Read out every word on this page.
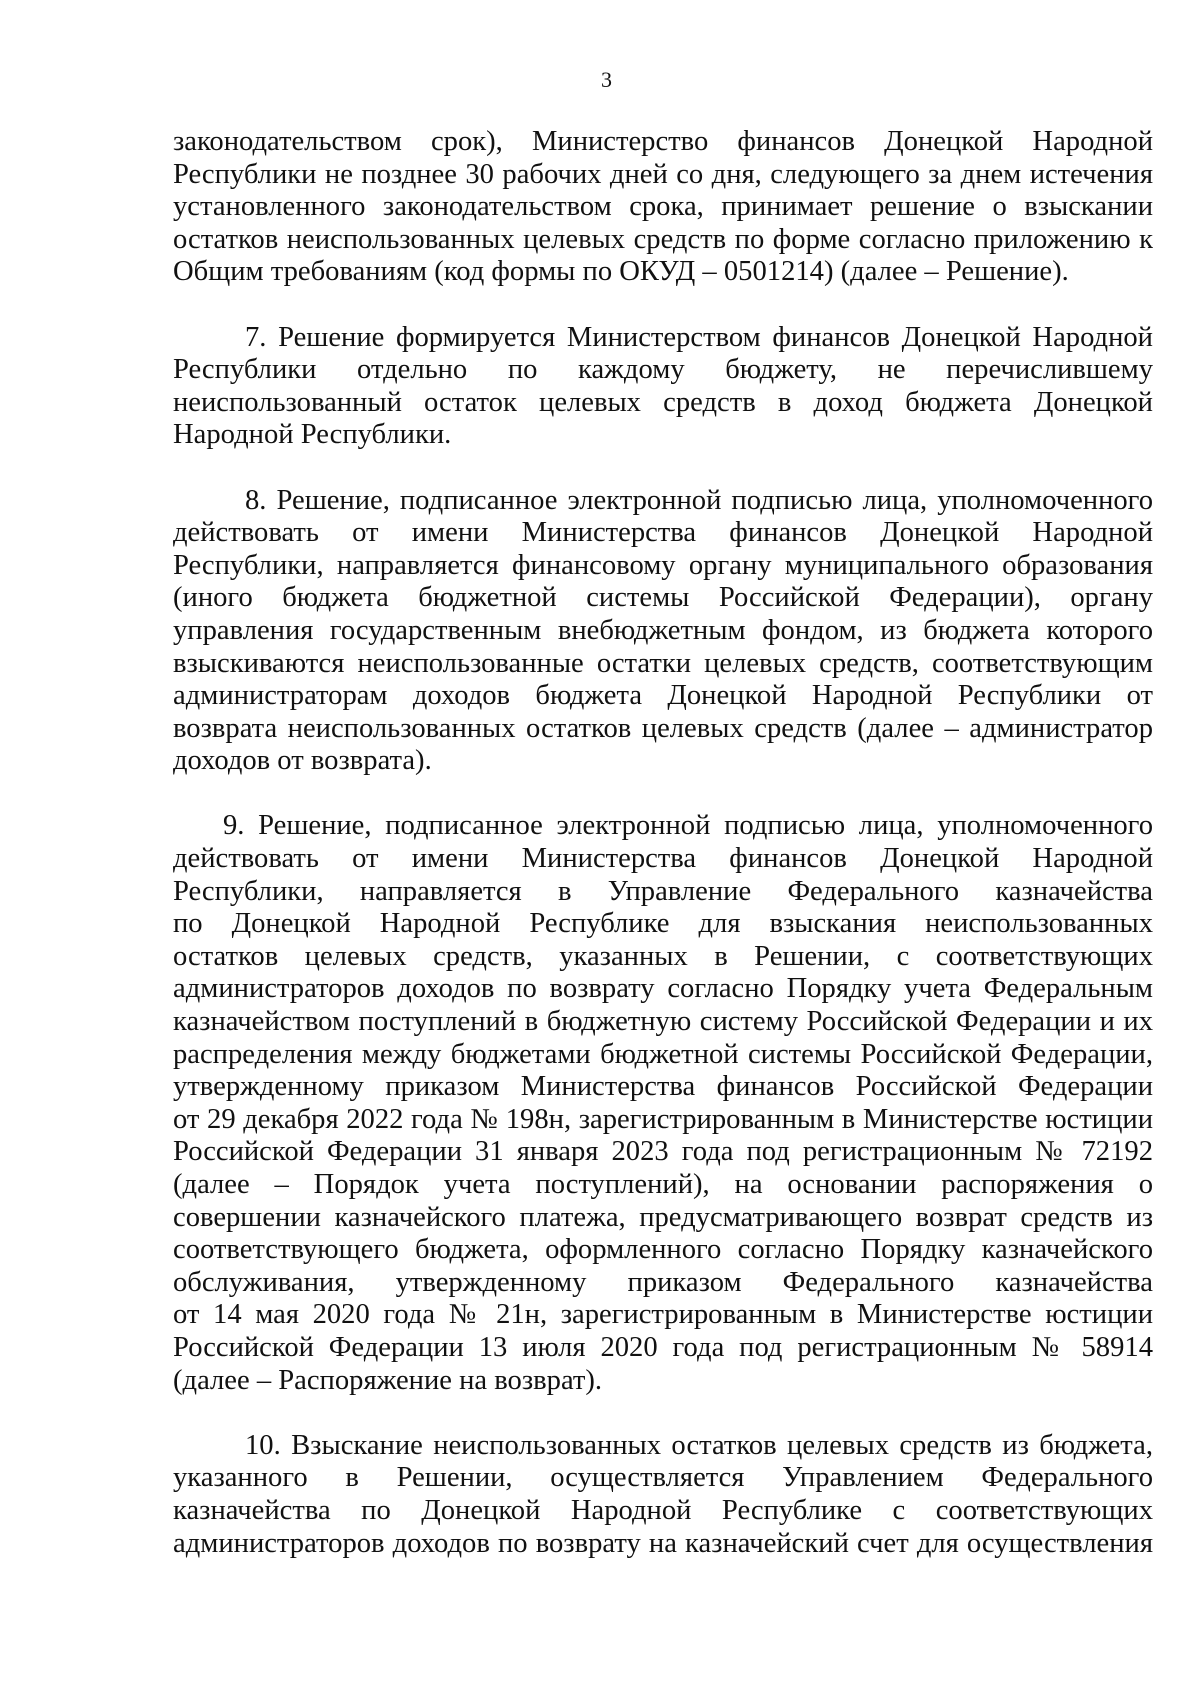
3
законодательством срок), Министерство финансов Донецкой Народной
Республики не позднее 30 рабочих дней со дня, следующего за днем истечения
установленного законодательством срока, принимает решение о взыскании
остатков неиспользованных целевых средств по форме согласно приложению к
Общим требованиям (код формы по ОКУД – 0501214) (далее – Решение).
7. Решение формируется Министерством финансов Донецкой Народной
Республики отдельно по каждому бюджету, не перечислившему
неиспользованный остаток целевых средств в доход бюджета Донецкой
Народной Республики.
8. Решение, подписанное электронной подписью лица, уполномоченного
действовать от имени Министерства финансов Донецкой Народной
Республики, направляется финансовому органу муниципального образования
(иного бюджета бюджетной системы Российской Федерации), органу
управления государственным внебюджетным фондом, из бюджета которого
взыскиваются неиспользованные остатки целевых средств, соответствующим
администраторам доходов бюджета Донецкой Народной Республики от
возврата неиспользованных остатков целевых средств (далее – администратор
доходов от возврата).
9. Решение, подписанное электронной подписью лица, уполномоченного
действовать от имени Министерства финансов Донецкой Народной
Республики, направляется в Управление Федерального казначейства
по Донецкой Народной Республике для взыскания неиспользованных
остатков целевых средств, указанных в Решении, с соответствующих
администраторов доходов по возврату согласно Порядку учета Федеральным
казначейством поступлений в бюджетную систему Российской Федерации и их
распределения между бюджетами бюджетной системы Российской Федерации,
утвержденному приказом Министерства финансов Российской Федерации
от 29 декабря 2022 года № 198н, зарегистрированным в Министерстве юстиции
Российской Федерации 31 января 2023 года под регистрационным № 72192
(далее – Порядок учета поступлений), на основании распоряжения о
совершении казначейского платежа, предусматривающего возврат средств из
соответствующего бюджета, оформленного согласно Порядку казначейского
обслуживания, утвержденному приказом Федерального казначейства
от 14 мая 2020 года № 21н, зарегистрированным в Министерстве юстиции
Российской Федерации 13 июля 2020 года под регистрационным № 58914
(далее – Распоряжение на возврат).
10. Взыскание неиспользованных остатков целевых средств из бюджета,
указанного в Решении, осуществляется Управлением Федерального
казначейства по Донецкой Народной Республике с соответствующих
администраторов доходов по возврату на казначейский счет для осуществления
